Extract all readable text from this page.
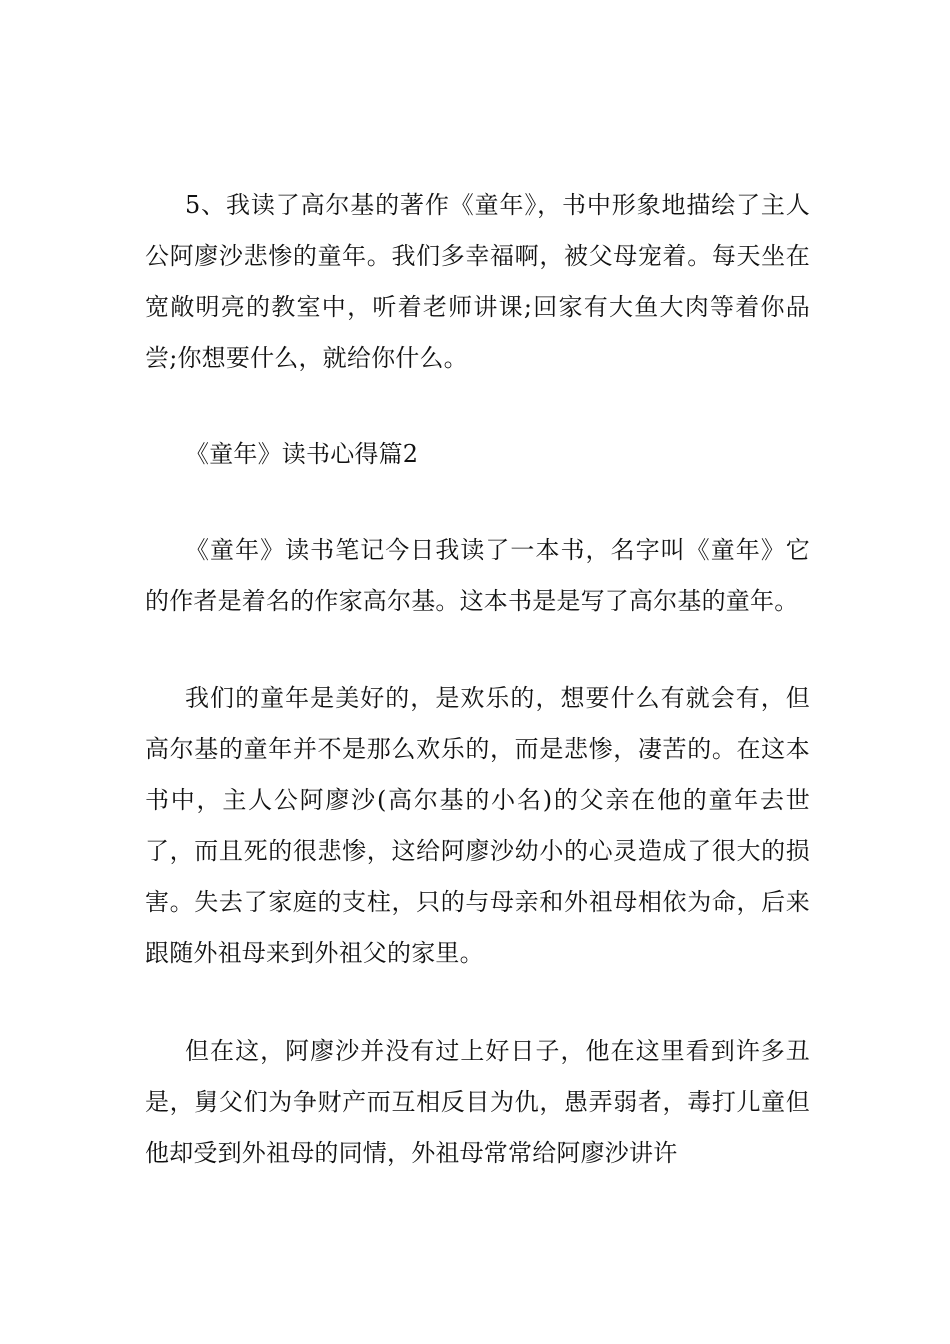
5、我读了高尔基的著作《童年》，书中形象地描绘了主人公阿廖沙悲惨的童年。我们多幸福啊，被父母宠着。每天坐在宽敞明亮的教室中，听着老师讲课;回家有大鱼大肉等着你品尝;你想要什么，就给你什么。

《童年》读书心得篇2

《童年》读书笔记今日我读了一本书，名字叫《童年》它的作者是着名的作家高尔基。这本书是是写了高尔基的童年。

我们的童年是美好的，是欢乐的，想要什么有就会有，但高尔基的童年并不是那么欢乐的，而是悲惨，凄苦的。在这本书中，主人公阿廖沙(高尔基的小名)的父亲在他的童年去世了，而且死的很悲惨，这给阿廖沙幼小的心灵造成了很大的损害。失去了家庭的支柱，只的与母亲和外祖母相依为命，后来跟随外祖母来到外祖父的家里。

但在这，阿廖沙并没有过上好日子，他在这里看到许多丑是，舅父们为争财产而互相反目为仇，愚弄弱者，毒打儿童但他却受到外祖母的同情，外祖母常常给阿廖沙讲许
